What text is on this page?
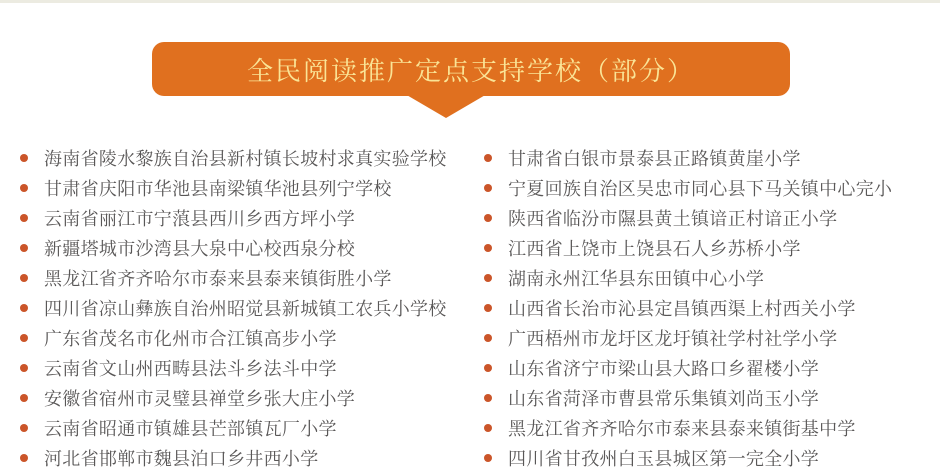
全民阅读推广定点支持学校（部分）
海南省陵水黎族自治县新村镇长坡村求真实验学校
甘肃省庆阳市华池县南梁镇华池县列宁学校
云南省丽江市宁蒗县西川乡西方坪小学
新疆塔城市沙湾县大泉中心校西泉分校
黑龙江省齐齐哈尔市泰来县泰来镇街胜小学
四川省凉山彝族自治州昭觉县新城镇工农兵小学校
广东省茂名市化州市合江镇高步小学
云南省文山州西畴县法斗乡法斗中学
安徽省宿州市灵璧县禅堂乡张大庄小学
云南省昭通市镇雄县芒部镇瓦厂小学
河北省邯郸市魏县泊口乡井西小学
甘肃省白银市景泰县正路镇黄崖小学
宁夏回族自治区吴忠市同心县下马关镇中心完小
陕西省临汾市隰县黄土镇谙正村谙正小学
江西省上饶市上饶县石人乡苏桥小学
湖南永州江华县东田镇中心小学
山西省长治市沁县定昌镇西渠上村西关小学
广西梧州市龙圩区龙圩镇社学村社学小学
山东省济宁市梁山县大路口乡翟楼小学
山东省菏泽市曹县常乐集镇刘尚玉小学
黑龙江省齐齐哈尔市泰来县泰来镇街基中学
四川省甘孜州白玉县城区第一完全小学
